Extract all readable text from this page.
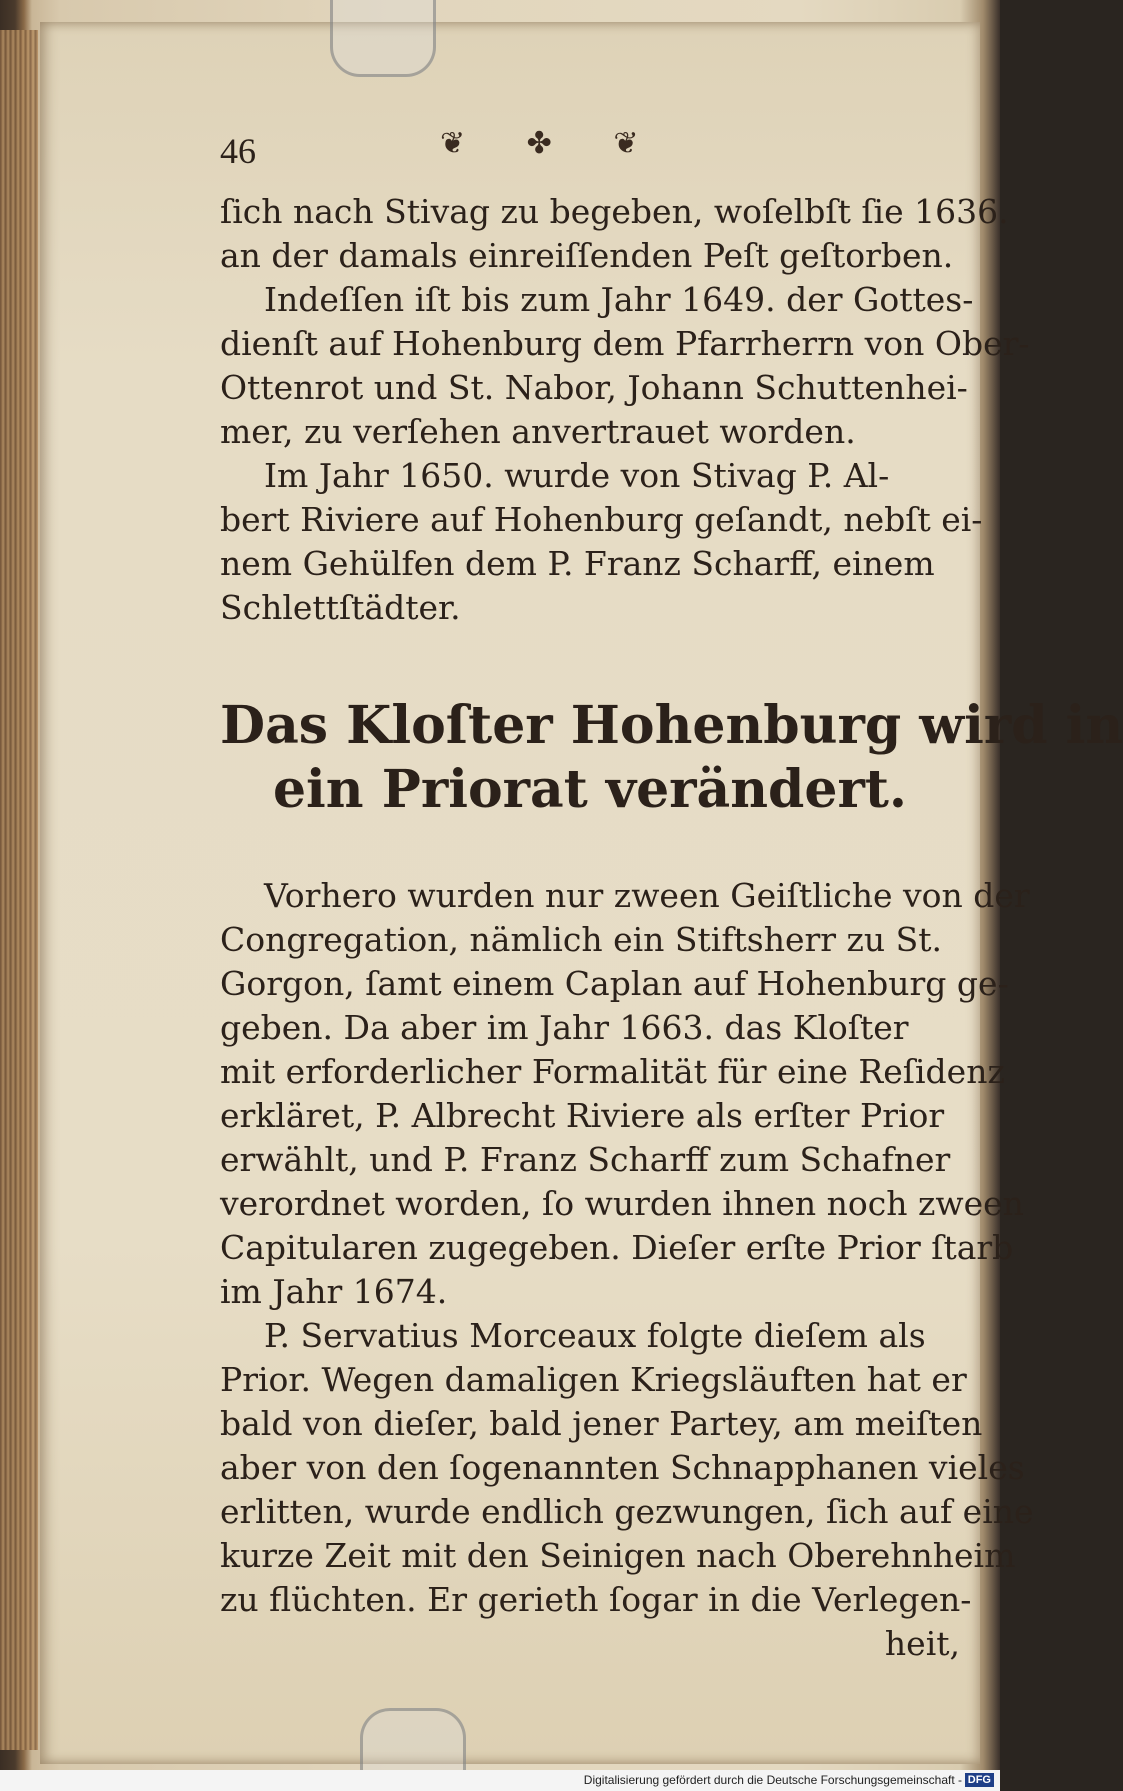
46	❦ ✤ ❦
ſich nach Stivag zu begeben, woſelbſt ſie 1636.
an der damals einreiſſenden Peſt geſtorben.
Indeſſen iſt bis zum Jahr 1649. der Gottes-
dienſt auf Hohenburg dem Pfarrherrn von Ober-
Ottenrot und St. Nabor, Johann Schuttenhei-
mer, zu verſehen anvertrauet worden.
Im Jahr 1650. wurde von Stivag P. Al-
bert Riviere auf Hohenburg geſandt, nebſt ei-
nem Gehülfen dem P. Franz Scharff, einem
Schlettſtädter.
Das Kloſter Hohenburg wird in
ein Priorat verändert.
Vorhero wurden nur zween Geiſtliche von der
Congregation, nämlich ein Stiftsherr zu St.
Gorgon, ſamt einem Caplan auf Hohenburg ge-
geben. Da aber im Jahr 1663. das Kloſter
mit erforderlicher Formalität für eine Reſidenz
erkläret, P. Albrecht Riviere als erſter Prior
erwählt, und P. Franz Scharff zum Schafner
verordnet worden, ſo wurden ihnen noch zween
Capitularen zugegeben. Dieſer erſte Prior ſtarb
im Jahr 1674.
P. Servatius Morceaux folgte dieſem als
Prior. Wegen damaligen Kriegsläuften hat er
bald von dieſer, bald jener Partey, am meiſten
aber von den ſogenannten Schnapphanen vieles
erlitten, wurde endlich gezwungen, ſich auf eine
kurze Zeit mit den Seinigen nach Oberehnheim
zu flüchten. Er gerieth ſogar in die Verlegen-
heit,
Digitalisierung gefördert durch die Deutsche Forschungsgemeinschaft - DFG
